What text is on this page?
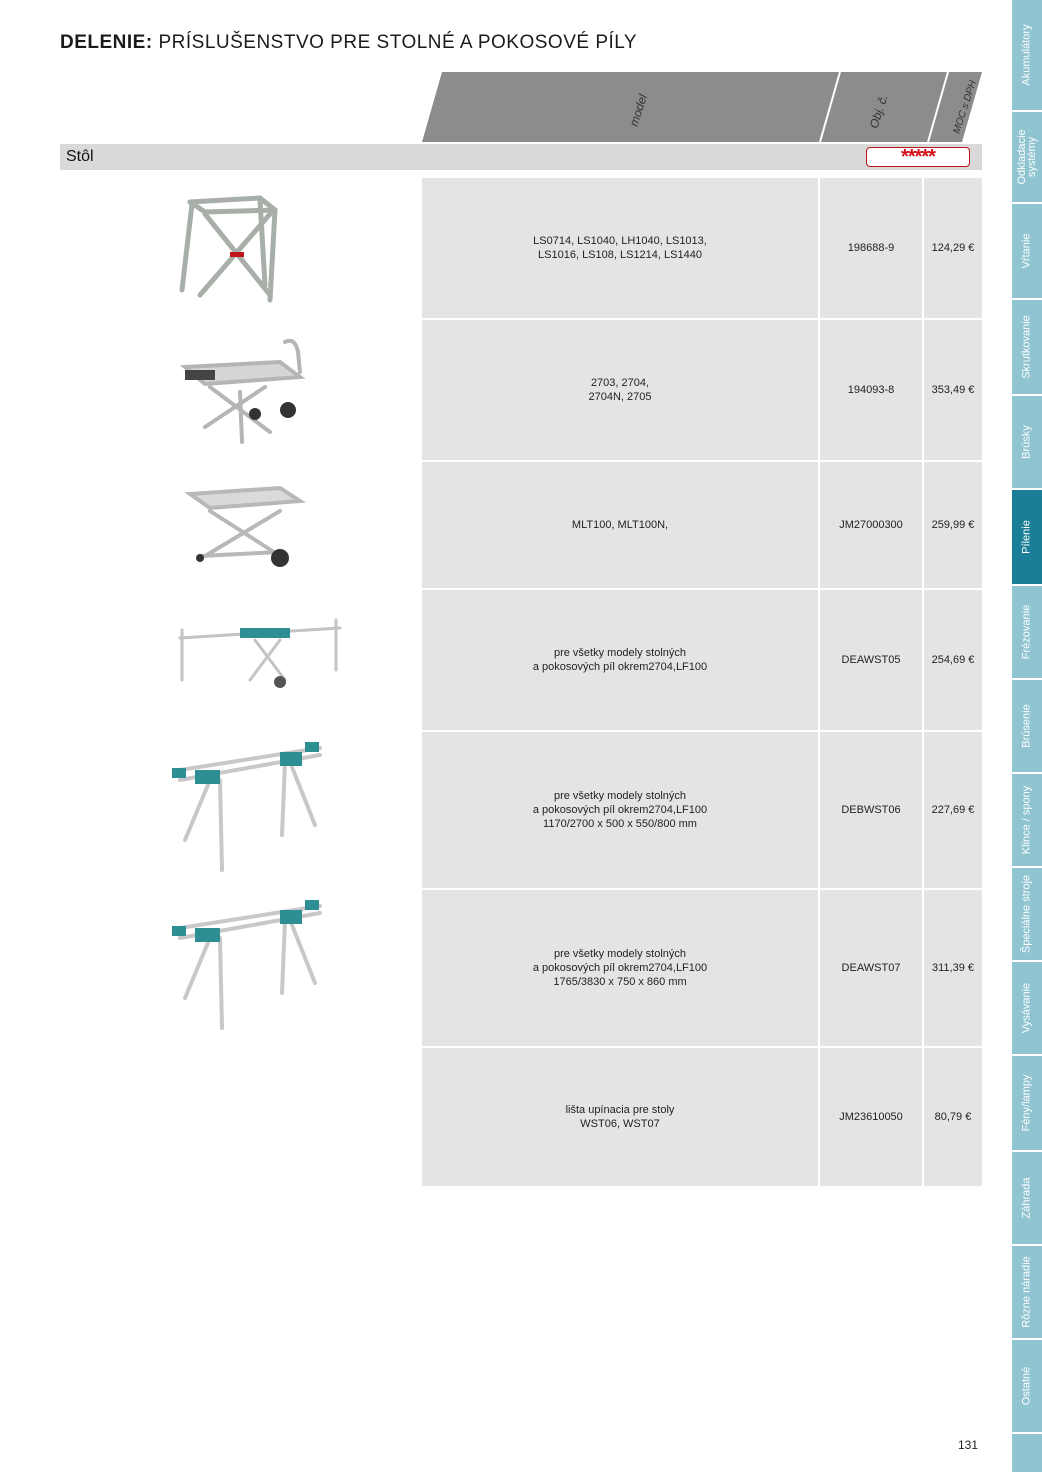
DELENIE: PRÍSLUŠENSTVO PRE STOLNÉ A POKOSOVÉ PÍLY
model	Obj. č.	MOC s DPH
Stôl	*****
LS0714, LS1040, LH1040, LS1013,
LS1016, LS108, LS1214, LS1440
198688-9	124,29 €
2703, 2704,
2704N, 2705
194093-8	353,49 €
MLT100, MLT100N,	JM27000300	259,99 €
pre všetky modely stolných
a pokosových píl okrem2704,LF100
DEAWST05	254,69 €
pre všetky modely stolných
a pokosových píl okrem2704,LF100
1170/2700 x 500 x 550/800 mm
DEBWST06	227,69 €
pre všetky modely stolných
a pokosových píl okrem2704,LF100
1765/3830 x 750 x 860 mm
DEAWST07	311,39 €
lišta upínacia pre stoly
WST06, WST07
JM23610050	80,79 €
Akumulátory
Odkladacie systémy
Vŕtanie
Skrutkovanie
Brúsky
Pílenie
Frézovanie
Brúsenie
Klince / spony
Špeciálne stroje
Vysávanie
Fény/lampy
Záhrada
Rôzne náradie
Ostatné
131
